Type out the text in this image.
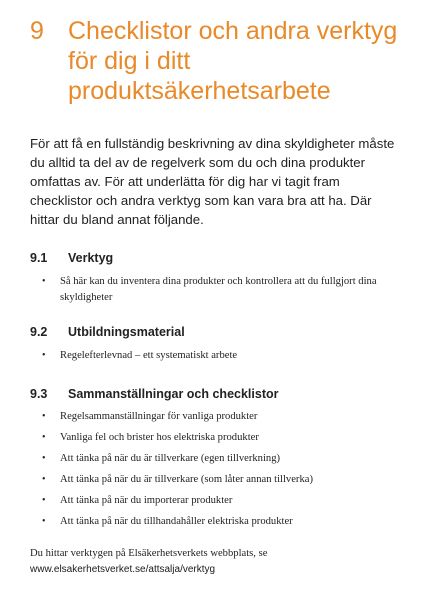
9 Checklistor och andra verktyg för dig i ditt produktsäkerhetsarbete

För att få en fullständig beskrivning av dina skyldigheter måste du alltid ta del av de regelverk som du och dina produkter omfattas av. För att underlätta för dig har vi tagit fram checklistor och andra verktyg som kan vara bra att ha. Där hittar du bland annat följande.

9.1 Verktyg
• Så här kan du inventera dina produkter och kontrollera att du fullgjort dina skyldigheter
9.2 Utbildningsmaterial
• Regelefterlevnad – ett systematiskt arbete
9.3 Sammanställningar och checklistor
• Regelsammanställningar för vanliga produkter
• Vanliga fel och brister hos elektriska produkter
• Att tänka på när du är tillverkare (egen tillverkning)
• Att tänka på när du är tillverkare (som låter annan tillverka)
• Att tänka på när du importerar produkter
• Att tänka på när du tillhandahåller elektriska produkter
Du hittar verktygen på Elsäkerhetsverkets webbplats, se
www.elsakerhetsverket.se/attsalja/verktyg
